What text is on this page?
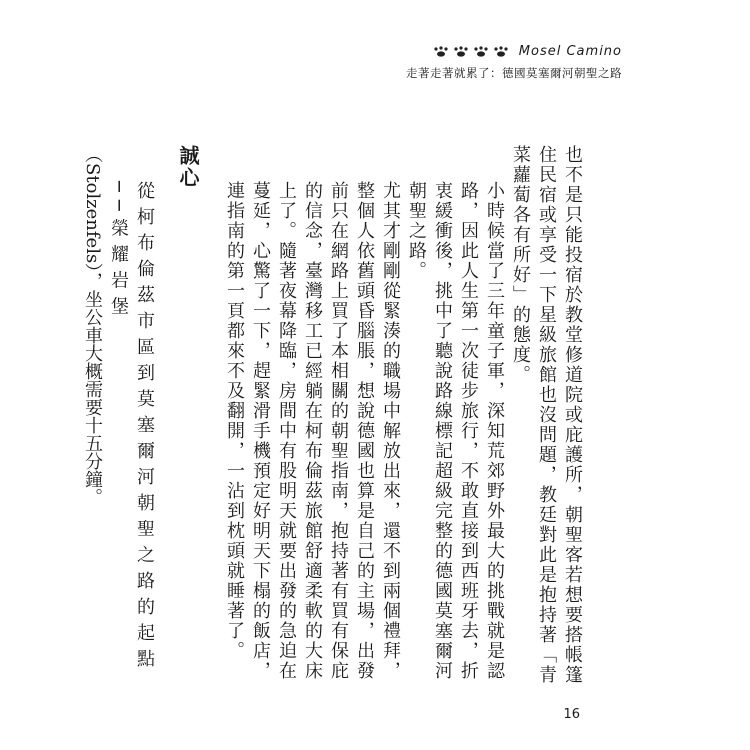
Mosel Camino
走著走著就累了：德國莫塞爾河朝聖之路

也不是只能投宿於教堂修道院或庇護所，朝聖客若想要搭帳篷住民宿或享受一下星級旅館也沒問題，教廷對此是抱持著「青菜蘿蔔各有所好」的態度。

小時候當了三年童子軍，深知荒郊野外最大的挑戰就是認路，因此人生第一次徒步旅行，不敢直接到西班牙去，折衷緩衝後，挑中了聽說路線標記超級完整的德國莫塞爾河朝聖之路。

尤其才剛剛從緊湊的職場中解放出來，還不到兩個禮拜，整個人依舊頭昏腦脹，想說德國也算是自己的主場，出發前只在網路上買了本相關的朝聖指南，抱持著有買有保庇的信念，臺灣移工已經躺在柯布倫茲旅館舒適柔軟的大床上了。隨著夜幕降臨，房間中有股明天就要出發的急迫在蔓延，心驚了一下，趕緊滑手機預定好明天下榻的飯店，連指南的第一頁都來不及翻開，一沾到枕頭就睡著了。

誠心

從柯布倫茲市區到莫塞爾河朝聖之路的起點──榮耀岩堡

（Stolzenfels），坐公車大概需要十五分鐘。

16
